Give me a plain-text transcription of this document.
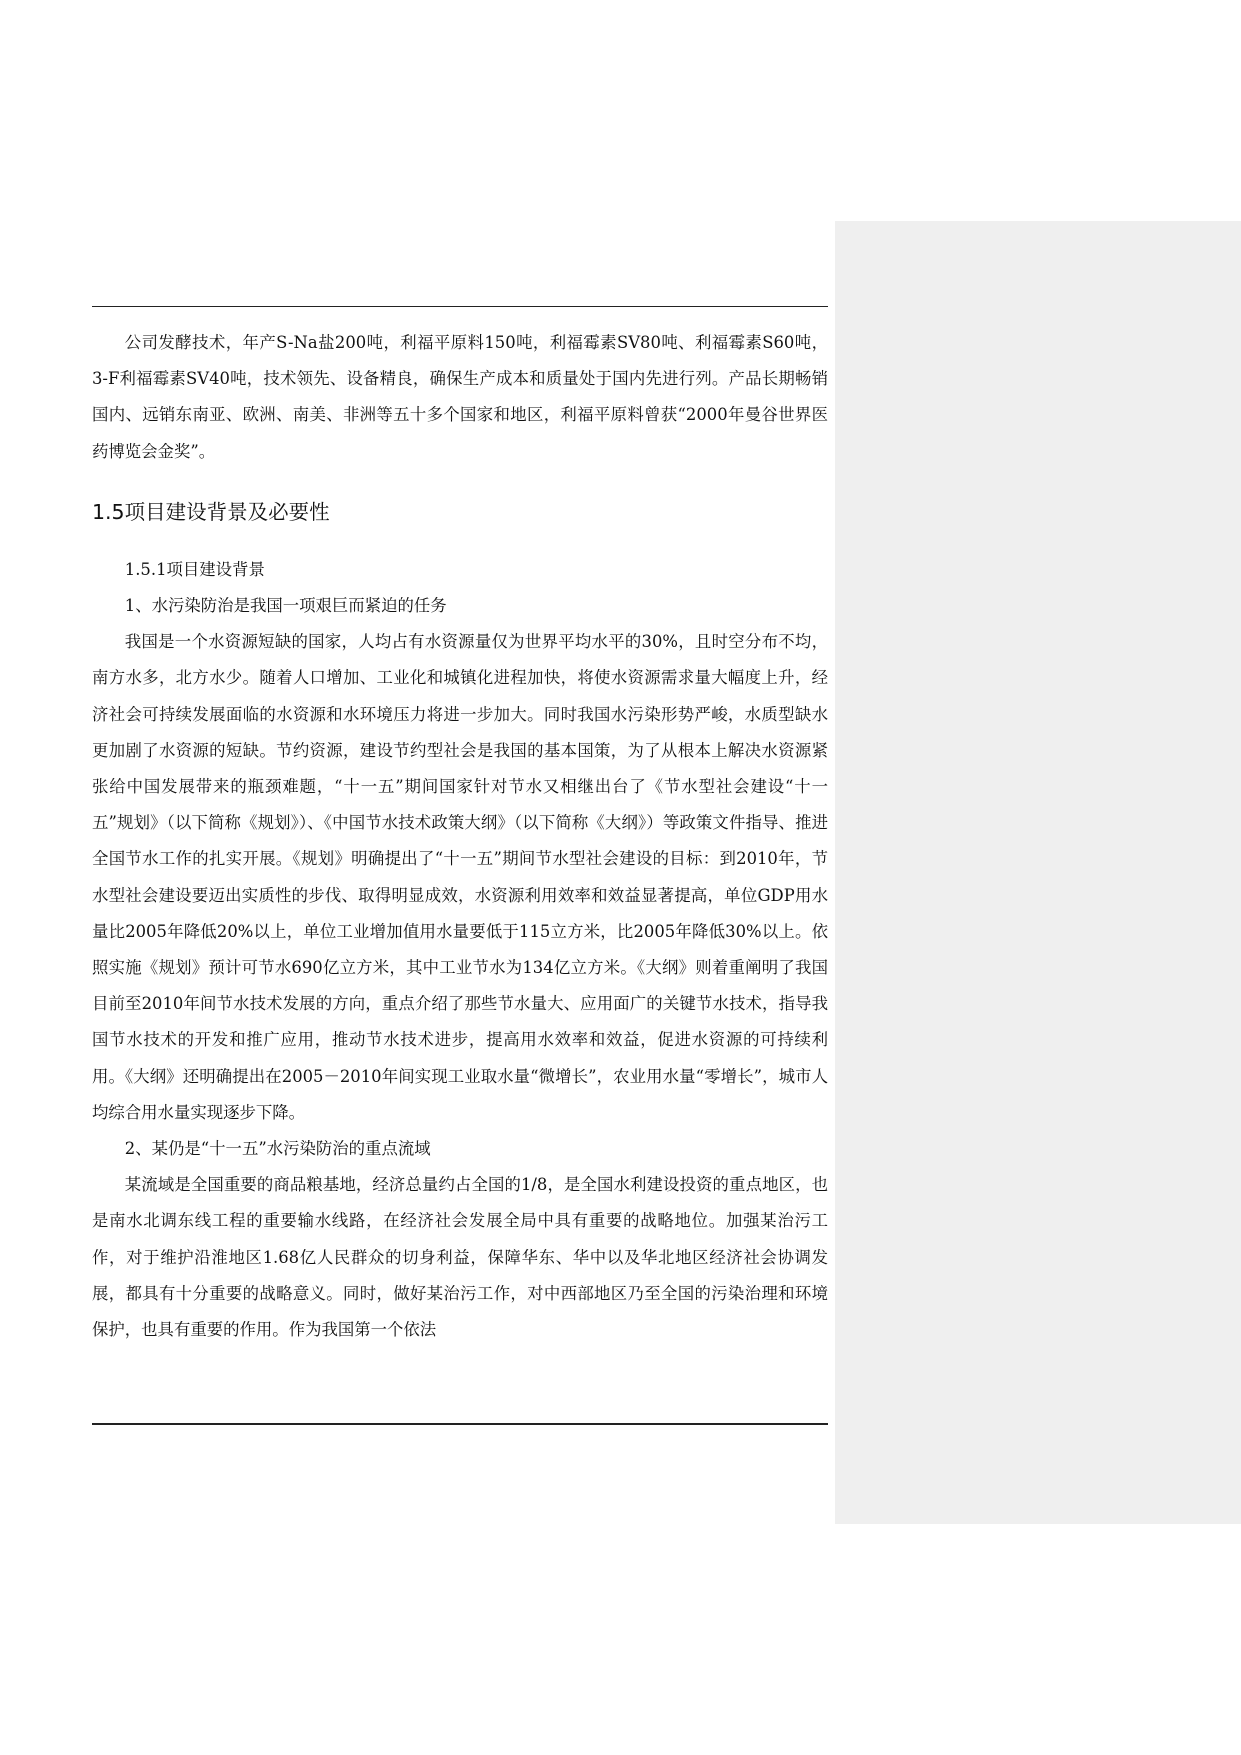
公司发酵技术，年产S-Na盐200吨，利福平原料150吨，利福霉素SV80吨、利福霉素S60吨，3-F利福霉素SV40吨，技术领先、设备精良，确保生产成本和质量处于国内先进行列。产品长期畅销国内、远销东南亚、欧洲、南美、非洲等五十多个国家和地区，利福平原料曾获“2000年曼谷世界医药博览会金奖”。

1.5项目建设背景及必要性

1.5.1项目建设背景

1、水污染防治是我国一项艰巨而紧迫的任务

我国是一个水资源短缺的国家，人均占有水资源量仅为世界平均水平的30%，且时空分布不均，南方水多，北方水少。随着人口增加、工业化和城镇化进程加快，将使水资源需求量大幅度上升，经济社会可持续发展面临的水资源和水环境压力将进一步加大。同时我国水污染形势严峻，水质型缺水更加剧了水资源的短缺。节约资源，建设节约型社会是我国的基本国策，为了从根本上解决水资源紧张给中国发展带来的瓶颈难题，“十一五”期间国家针对节水又相继出台了《节水型社会建设“十一五”规划》（以下简称《规划》）、《中国节水技术政策大纲》（以下简称《大纲》）等政策文件指导、推进全国节水工作的扎实开展。《规划》明确提出了“十一五”期间节水型社会建设的目标：到2010年，节水型社会建设要迈出实质性的步伐、取得明显成效，水资源利用效率和效益显著提高，单位GDP用水量比2005年降低20%以上，单位工业增加值用水量要低于115立方米，比2005年降低30%以上。依照实施《规划》预计可节水690亿立方米，其中工业节水为134亿立方米。《大纲》则着重阐明了我国目前至2010年间节水技术发展的方向，重点介绍了那些节水量大、应用面广的关键节水技术，指导我国节水技术的开发和推广应用，推动节水技术进步，提高用水效率和效益，促进水资源的可持续利用。《大纲》还明确提出在2005－2010年间实现工业取水量“微增长”，农业用水量“零增长”，城市人均综合用水量实现逐步下降。

2、某仍是“十一五”水污染防治的重点流域

某流域是全国重要的商品粮基地，经济总量约占全国的1/8，是全国水利建设投资的重点地区，也是南水北调东线工程的重要输水线路，在经济社会发展全局中具有重要的战略地位。加强某治污工作，对于维护沿淮地区1.68亿人民群众的切身利益，保障华东、华中以及华北地区经济社会协调发展，都具有十分重要的战略意义。同时，做好某治污工作，对中西部地区乃至全国的污染治理和环境保护，也具有重要的作用。作为我国第一个依法
